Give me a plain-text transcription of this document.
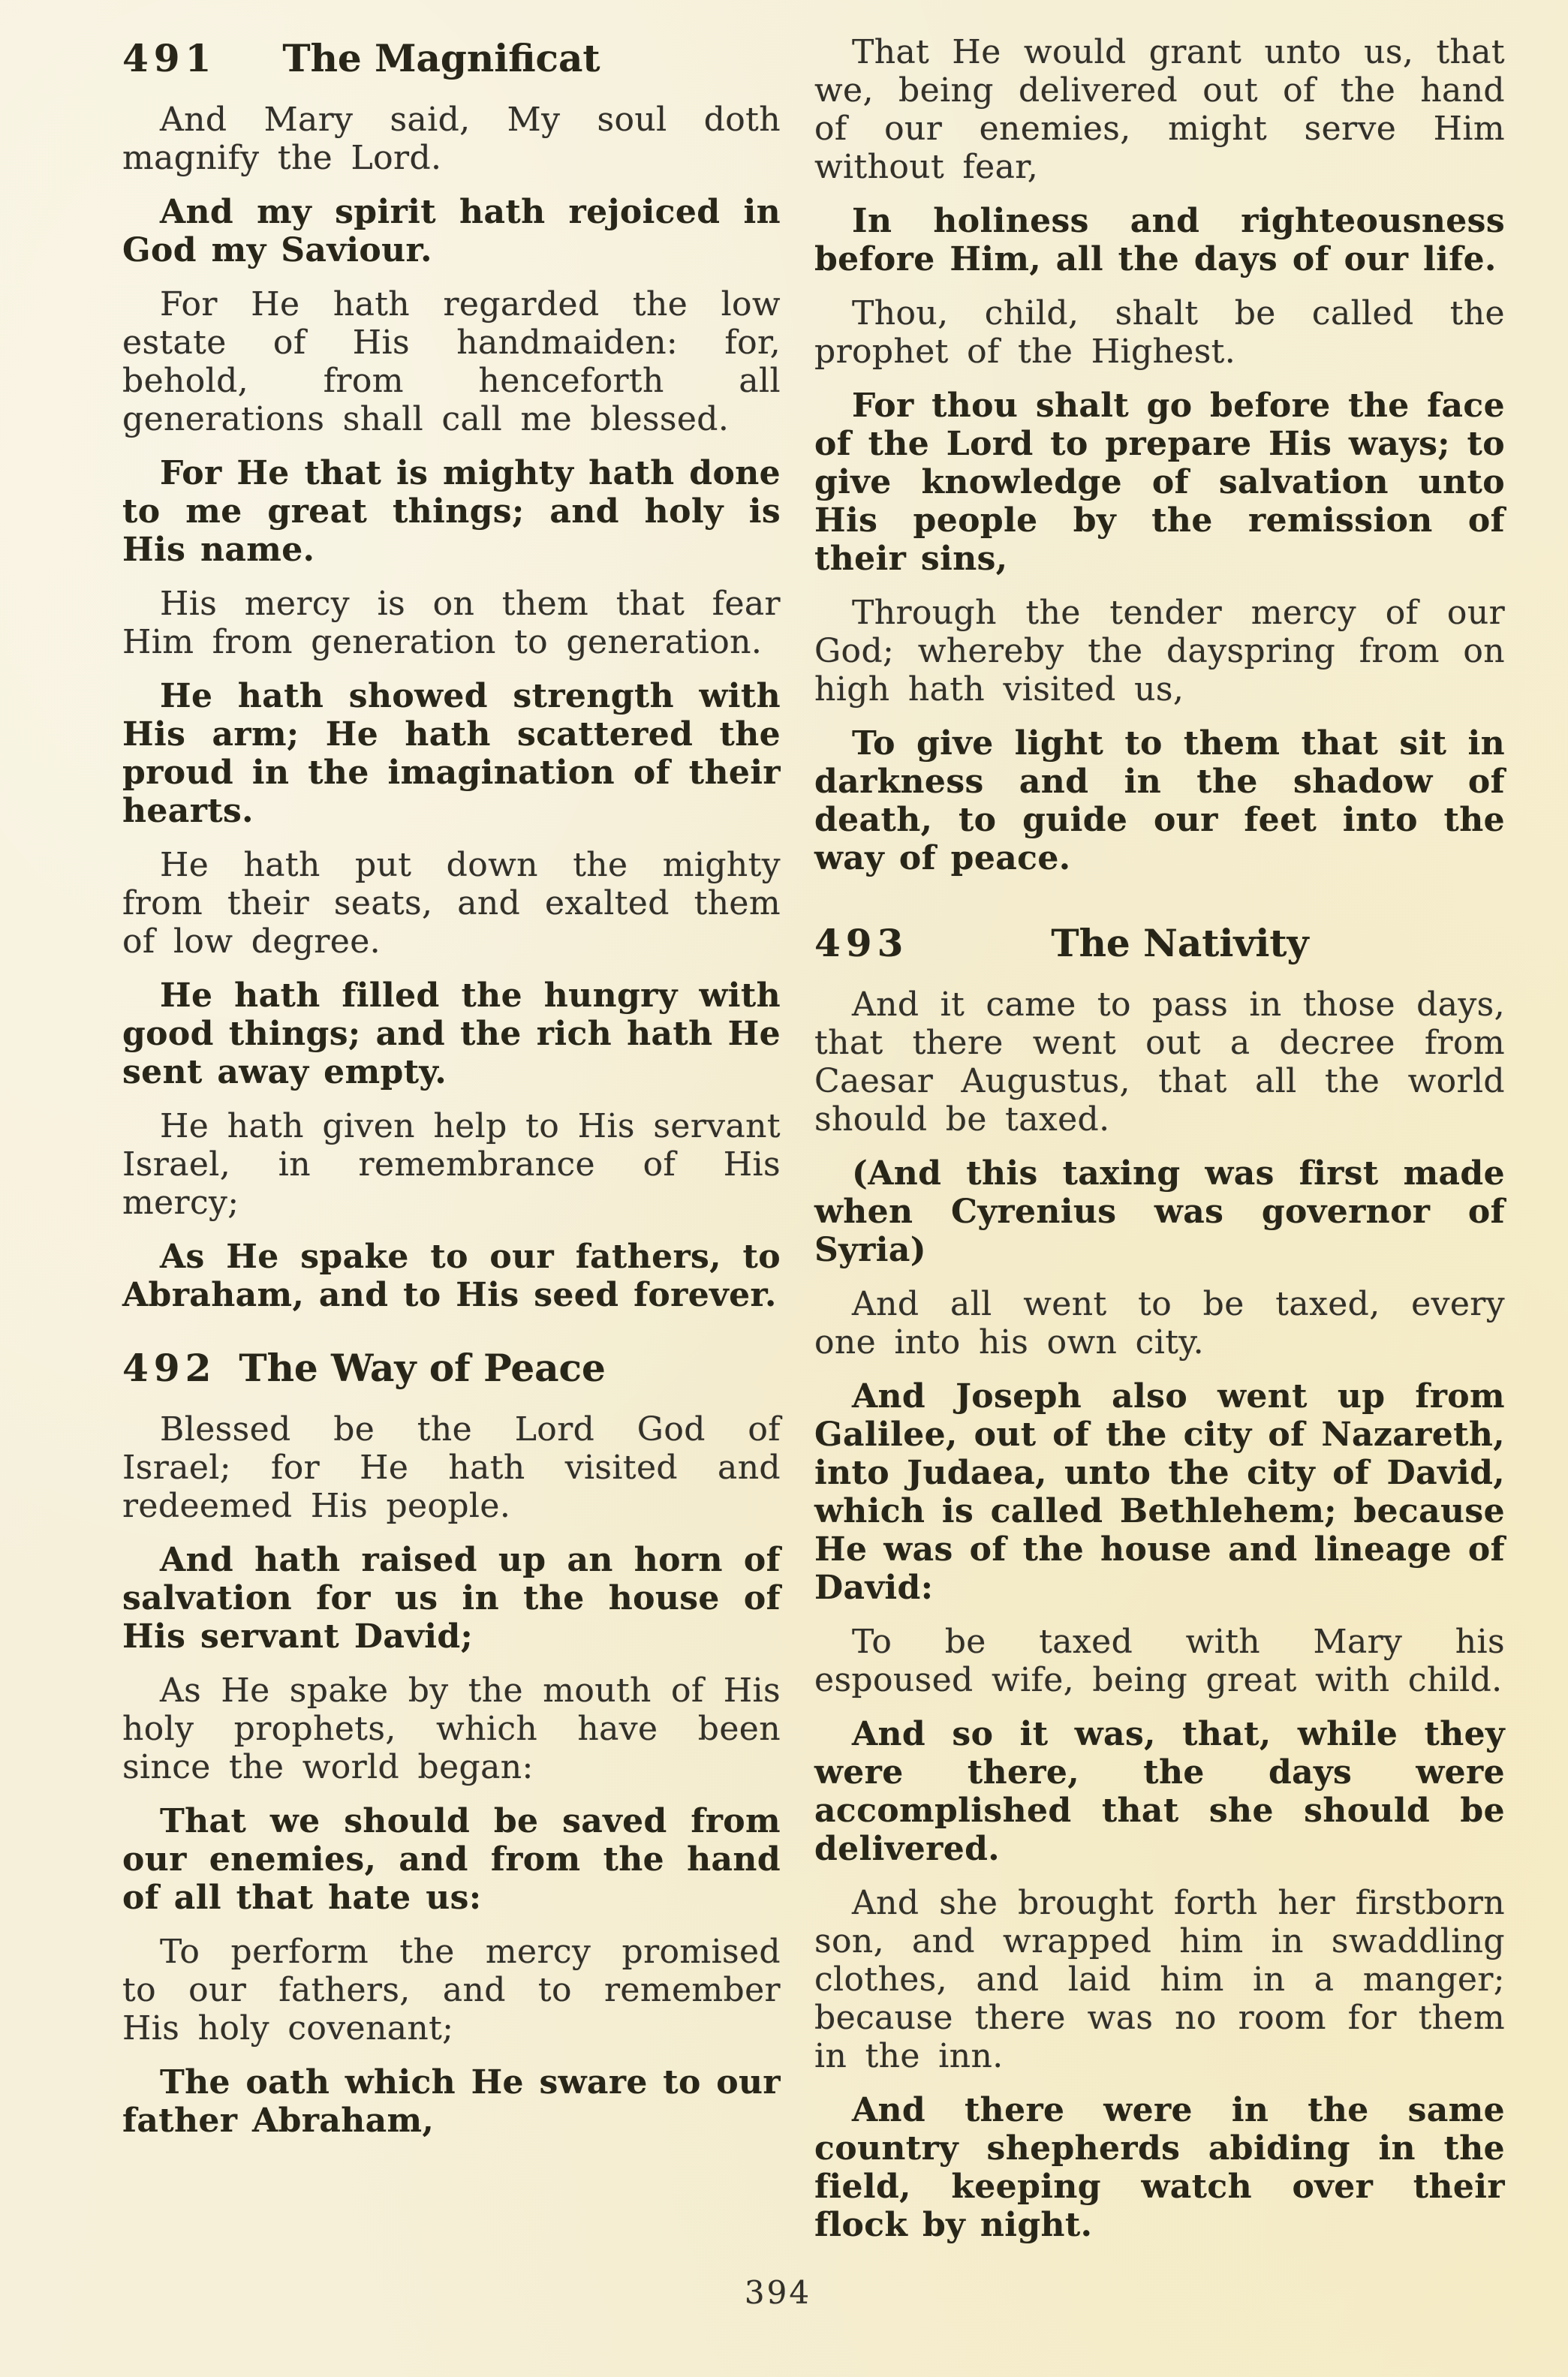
491 The Magnificat

And Mary said, My soul doth magnify the Lord.

And my spirit hath rejoiced in God my Saviour.

For He hath regarded the low estate of His handmaiden: for, behold, from henceforth all generations shall call me blessed.

For He that is mighty hath done to me great things; and holy is His name.

His mercy is on them that fear Him from generation to generation.

He hath showed strength with His arm; He hath scattered the proud in the imagination of their hearts.

He hath put down the mighty from their seats, and exalted them of low degree.

He hath filled the hungry with good things; and the rich hath He sent away empty.

He hath given help to His servant Israel, in remembrance of His mercy;

As He spake to our fathers, to Abraham, and to His seed forever.

492 The Way of Peace

Blessed be the Lord God of Israel; for He hath visited and redeemed His people.

And hath raised up an horn of salvation for us in the house of His servant David;

As He spake by the mouth of His holy prophets, which have been since the world began:

That we should be saved from our enemies, and from the hand of all that hate us:

To perform the mercy promised to our fathers, and to remember His holy covenant;

The oath which He sware to our father Abraham,

That He would grant unto us, that we, being delivered out of the hand of our enemies, might serve Him without fear,

In holiness and righteousness before Him, all the days of our life.

Thou, child, shalt be called the prophet of the Highest.

For thou shalt go before the face of the Lord to prepare His ways; to give knowledge of salvation unto His people by the remission of their sins,

Through the tender mercy of our God; whereby the dayspring from on high hath visited us,

To give light to them that sit in darkness and in the shadow of death, to guide our feet into the way of peace.

493	The Nativity

And it came to pass in those days, that there went out a decree from Caesar Augustus, that all the world should be taxed.

(And this taxing was first made when Cyrenius was governor of Syria)

And all went to be taxed, every one into his own city.

And Joseph also went up from Galilee, out of the city of Nazareth, into Judaea, unto the city of David, which is called Bethlehem; because He was of the house and lineage of David:

To be taxed with Mary his espoused wife, being great with child.

And so it was, that, while they were there, the days were accomplished that she should be delivered.

And she brought forth her firstborn son, and wrapped him in swaddling clothes, and laid him in a manger; because there was no room for them in the inn.

And there were in the same country shepherds abiding in the field, keeping watch over their flock by night.

394
